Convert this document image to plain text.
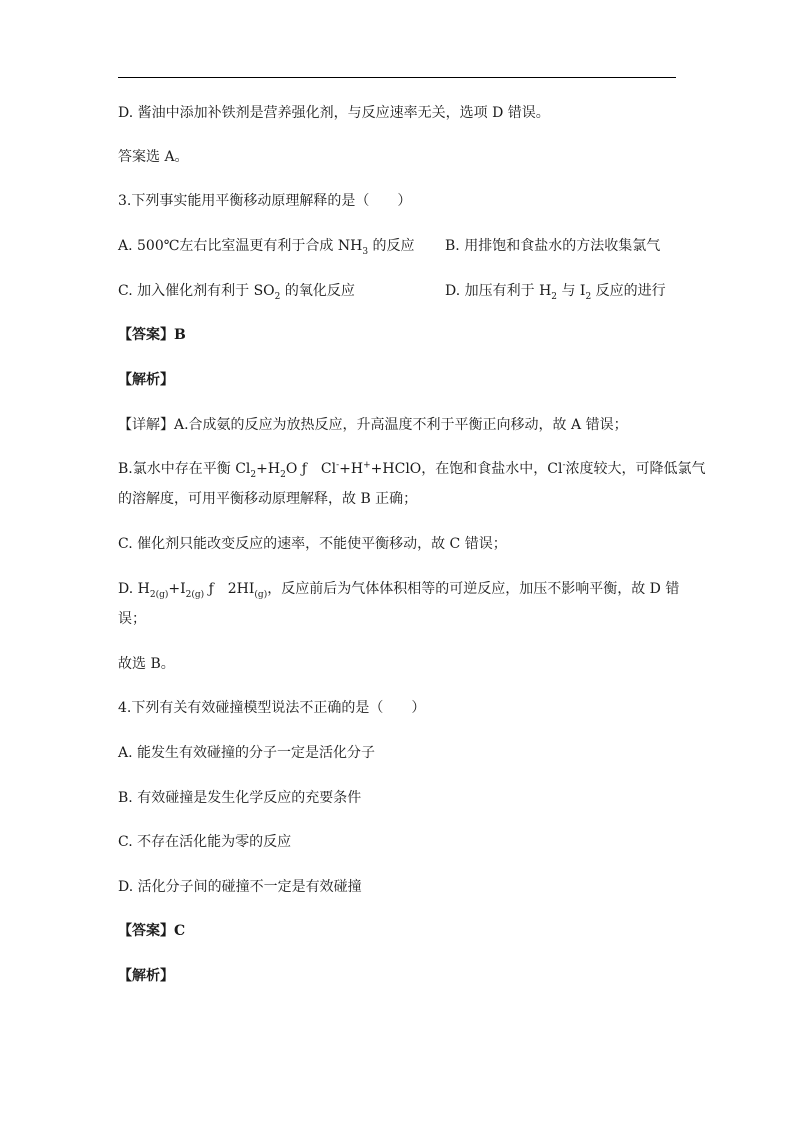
D. 酱油中添加补铁剂是营养强化剂，与反应速率无关，选项 D 错误。
答案选 A。
3.下列事实能用平衡移动原理解释的是（　　）
A. 500℃左右比室温更有利于合成 $NH_3$ 的反应 B. 用排饱和食盐水的方法收集氯气
C. 加入催化剂有利于 $SO_2$ 的氧化反应	D. 加压有利于 $H_2$ 与 $I_2$ 反应的进行
【答案】B
【解析】
【详解】A.合成氨的反应为放热反应，升高温度不利于平衡正向移动，故 A 错误；
B.氯水中存在平衡 $Cl_2+H_2O$ ƒ　Cl-+H++HClO，在饱和食盐水中，Cl-浓度较大，可降低氯气
的溶解度，可用平衡移动原理解释，故 B 正确；
C. 催化剂只能改变反应的速率，不能使平衡移动，故 C 错误；
D. $H_{2(g)}+I_{2(g)}$ ƒ　$2HI_{(g)}$，反应前后为气体体积相等的可逆反应，加压不影响平衡，故 D 错
误；
故选 B。
4.下列有关有效碰撞模型说法不正确的是（　　）
A. 能发生有效碰撞的分子一定是活化分子
B. 有效碰撞是发生化学反应的充要条件
C. 不存在活化能为零的反应
D. 活化分子间的碰撞不一定是有效碰撞
【答案】C
【解析】
